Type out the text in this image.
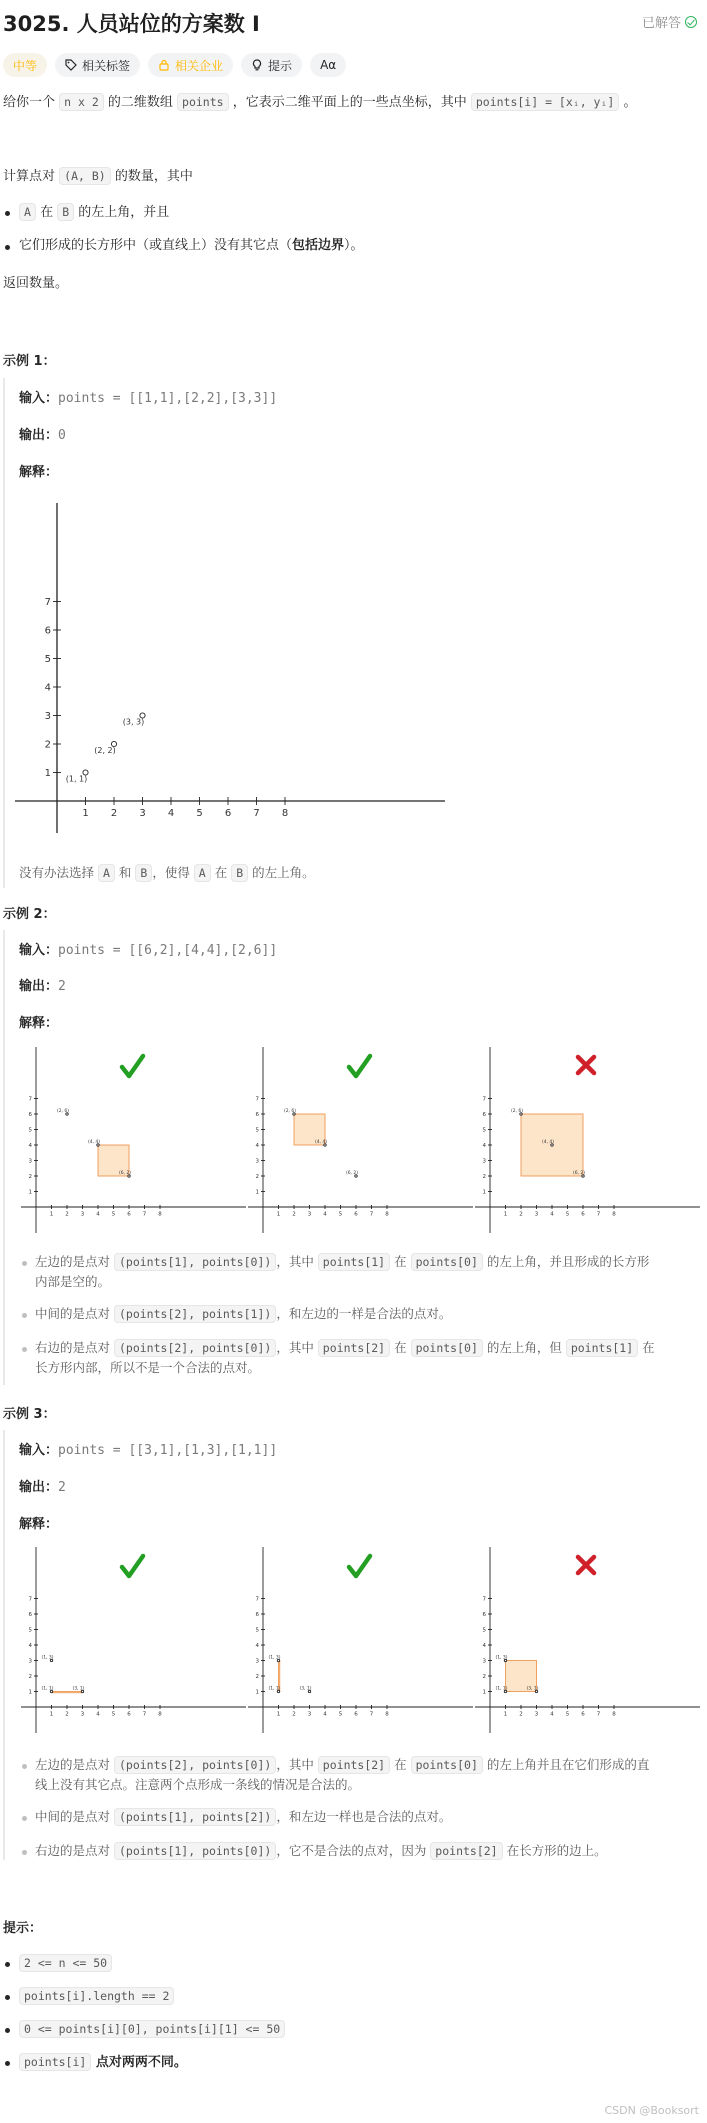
3025. 人员站位的方案数 I	已解答
中等	相关标签	相关企业	提示 Aα
给你一个 n x 2 的二维数组 points ，它表示二维平面上的一些点坐标，其中 points[i] = [xᵢ, yᵢ] 。
计算点对 (A, B) 的数量，其中
A 在 B 的左上角，并且
它们形成的长方形中（或直线上）没有其它点（包括边界）。
返回数量。
示例 1：
输入：points = [[1,1],[2,2],[3,3]]
输出：0
解释：
1 2 3 4 5 6 7 8
1
2
3
4
5
6
7
(1, 1)
(2, 2)
(3, 3)
没有办法选择 A 和 B ，使得 A 在 B 的左上角。
示例 2：
输入：points = [[6,2],[4,4],[2,6]]
输出：2
解释：
1 2 3 4 5 6 7 8
1
2
3
4
5
6
7
(6, 2)
(4, 4)
(2, 6)
1 2 3 4 5 6 7 8
1
2
3
4
5
6
7
(6, 2)
(4, 4)
(2, 6)
1 2 3 4 5 6 7 8
1
2
3
4
5
6
7
(6, 2)
(4, 4)
(2, 6)
左边的是点对 (points[1], points[0]) ，其中 points[1] 在 points[0] 的左上角，并且形成的长方形
内部是空的。
中间的是点对 (points[2], points[1]) ，和左边的一样是合法的点对。
右边的是点对 (points[2], points[0]) ，其中 points[2] 在 points[0] 的左上角，但 points[1] 在
长方形内部，所以不是一个合法的点对。
示例 3：
输入：points = [[3,1],[1,3],[1,1]]
输出：2
解释：
1 2 3 4 5 6 7 8
1
2
3
4
5
6
7
(3, 1)
(1, 3)
(1, 1)
1 2 3 4 5 6 7 8
1
2
3
4
5
6
7
(3, 1)
(1, 3)
(1, 1)
1 2 3 4 5 6 7 8
1
2
3
4
5
6
7
(3, 1)
(1, 3)
(1, 1)
左边的是点对 (points[2], points[0]) ，其中 points[2] 在 points[0] 的左上角并且在它们形成的直
线上没有其它点。注意两个点形成一条线的情况是合法的。
中间的是点对 (points[1], points[2]) ，和左边一样也是合法的点对。
右边的是点对 (points[1], points[0]) ，它不是合法的点对，因为 points[2] 在长方形的边上。
提示：
2 <= n <= 50
points[i].length == 2
0 <= points[i][0], points[i][1] <= 50
points[i] 点对两两不同。
CSDN @Booksort
